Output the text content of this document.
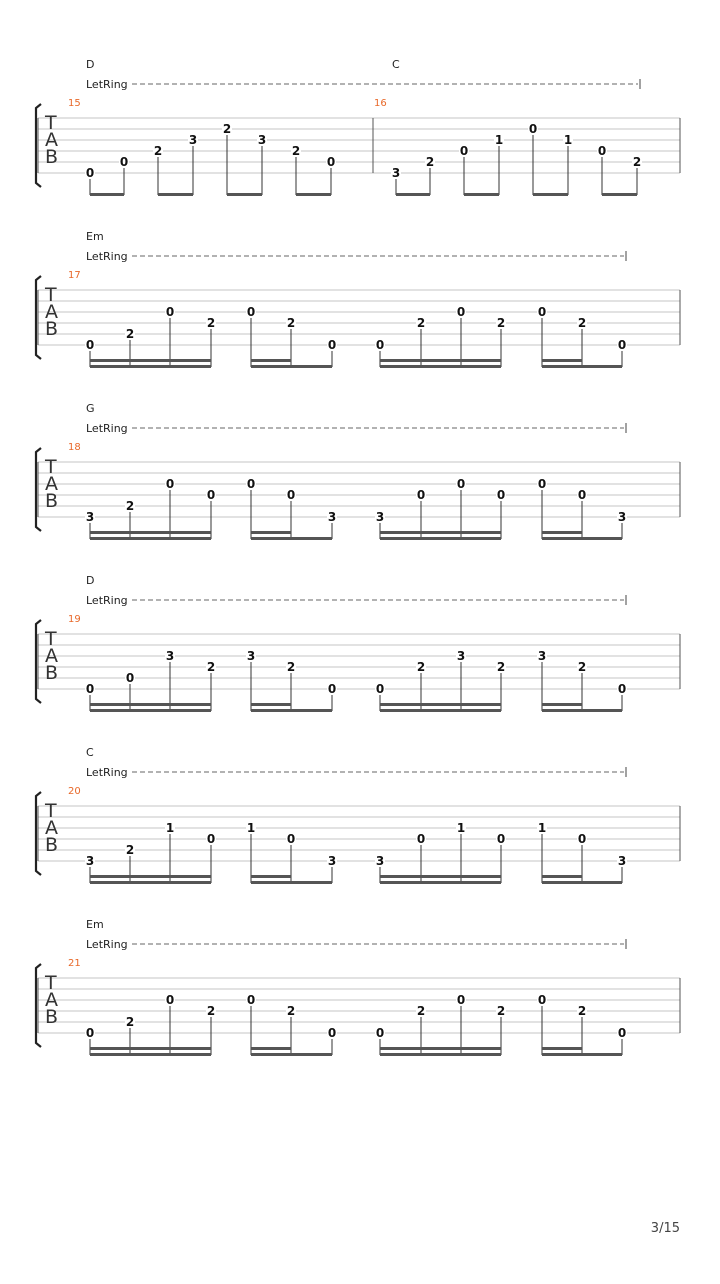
T
A
B
LetRing
15
D
0
0
2
3
2
3
2
0
16
C
3
2
0
1
0
1
0
2
T
A
B
LetRing
17
Em
0
2
0
2
0
2
0	0
2
0
2
0
2
0
T
A
B
LetRing
18
G
3
2
0
0
0
0
3	3
0
0
0
0
0
3
T
A
B
LetRing
19
D
0
0
3
2
3
2
0	0
2
3
2
3
2
0
T
A
B
LetRing
20
C
3
2
1
0
1
0
3	3
0
1
0
1
0
3
T
A
B
LetRing
21
Em
0
2
0
2
0
2
0	0
2
0
2
0
2
0
3/15
